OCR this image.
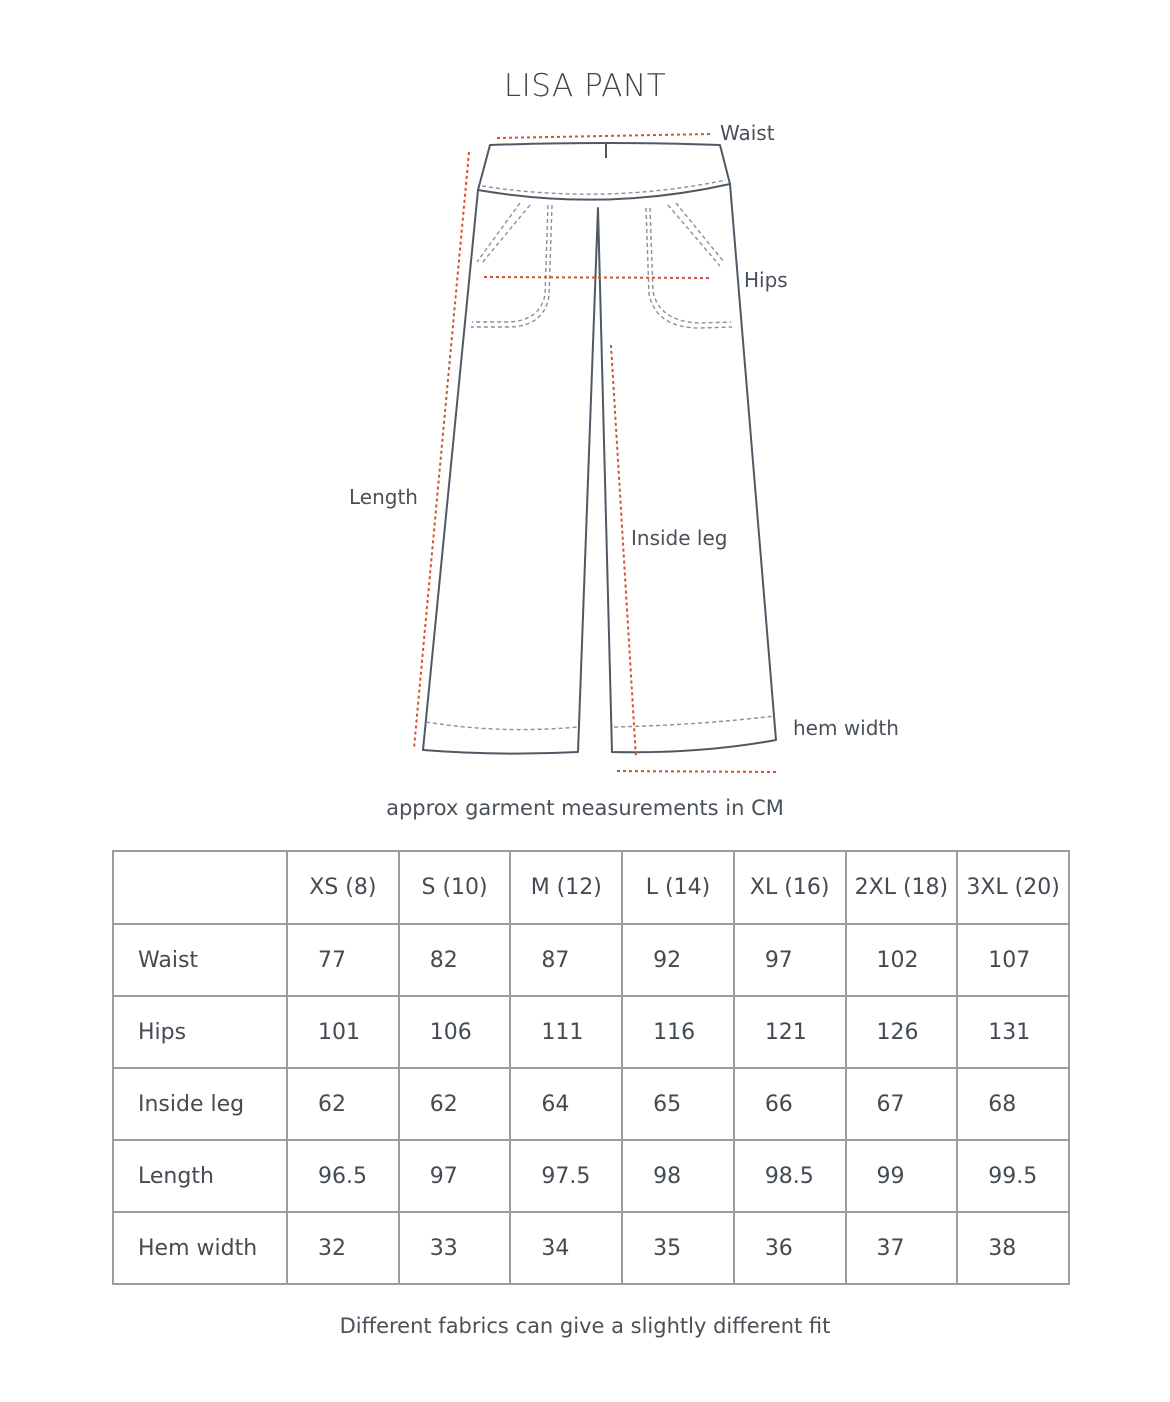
LISA PANT
Waist
Hips
Length
Inside leg
hem width
approx garment measurements in CM
	XS (8)	S (10)	M (12)	L (14)	XL (16)	2XL (18)	3XL (20)
Waist	77	82	87	92	97	102	107
Hips	101	106	111	116	121	126	131
Inside leg	62	62	64	65	66	67	68
Length	96.5	97	97.5	98	98.5	99	99.5
Hem width	32	33	34	35	36	37	38
Different fabrics can give a slightly different fit
